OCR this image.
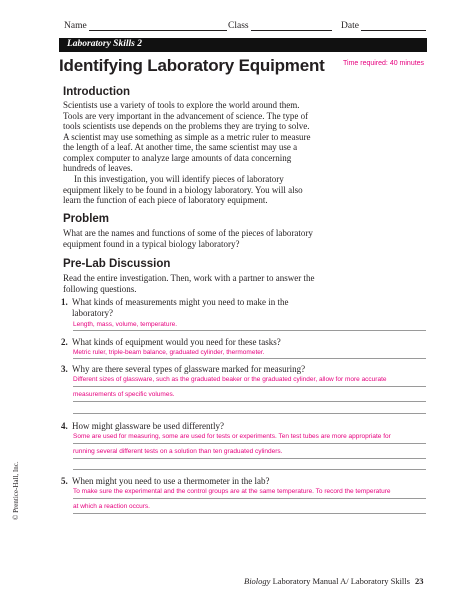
Name	Class	Date
Laboratory Skills 2
Identifying Laboratory Equipment	Time required: 40 minutes
Introduction
Scientists use a variety of tools to explore the world around them.
Tools are very important in the advancement of science. The type of
tools scientists use depends on the problems they are trying to solve.
A scientist may use something as simple as a metric ruler to measure
the length of a leaf. At another time, the same scientist may use a
complex computer to analyze large amounts of data concerning
hundreds of leaves.
In this investigation, you will identify pieces of laboratory
equipment likely to be found in a biology laboratory. You will also
learn the function of each piece of laboratory equipment.
Problem
What are the names and functions of some of the pieces of laboratory
equipment found in a typical biology laboratory?
Pre-Lab Discussion
Read the entire investigation. Then, work with a partner to answer the
following questions.
1. What kinds of measurements might you need to make in the
laboratory?
Length, mass, volume, temperature.
2. What kinds of equipment would you need for these tasks?
Metric ruler, triple-beam balance, graduated cylinder, thermometer.
3. Why are there several types of glassware marked for measuring?
Different sizes of glassware, such as the graduated beaker or the graduated cylinder, allow for more accurate
measurements of specific volumes.
4. How might glassware be used differently?
Some are used for measuring, some are used for tests or experiments. Ten test tubes are more appropriate for
running several different tests on a solution than ten graduated cylinders.
5. When might you need to use a thermometer in the lab?
To make sure the experimental and the control groups are at the same temperature. To record the temperature
at which a reaction occurs.
© Prentice-Hall, Inc.
Biology Laboratory Manual A/ Laboratory Skills 23
